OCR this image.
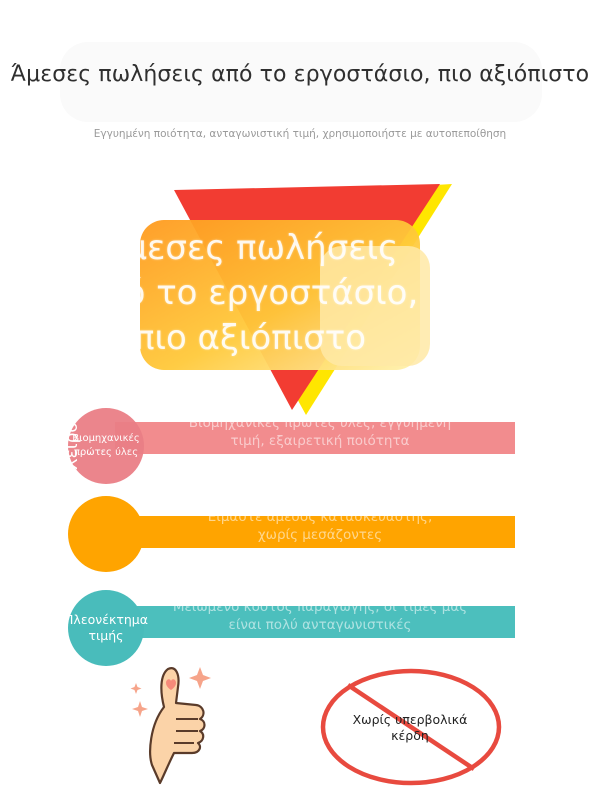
Άμεσες πωλήσεις από το εργοστάσιο, πιο αξιόπιστο
Εγγυημένη ποιότητα, ανταγωνιστική τιμή, χρησιμοποιήστε με αυτοπεποίθηση
Άμεσες πωλήσεις
από το εργοστάσιο,
πιο αξιόπιστο
Βιομηχανικές πρώτες ύλες, εγγυημένη
τιμή, εξαιρετική ποιότητα
Βιομηχανικές πρώτες ύλες
Είμαστε άμεσος κατασκευαστής,
χωρίς μεσάζοντες
Μειωμένο κόστος παραγωγής, οι τιμές μας
είναι πολύ ανταγωνιστικές
Πλεονέκτημα τιμής
Χειροποίητο
Χωρίς υπερβολικά κέρδη
